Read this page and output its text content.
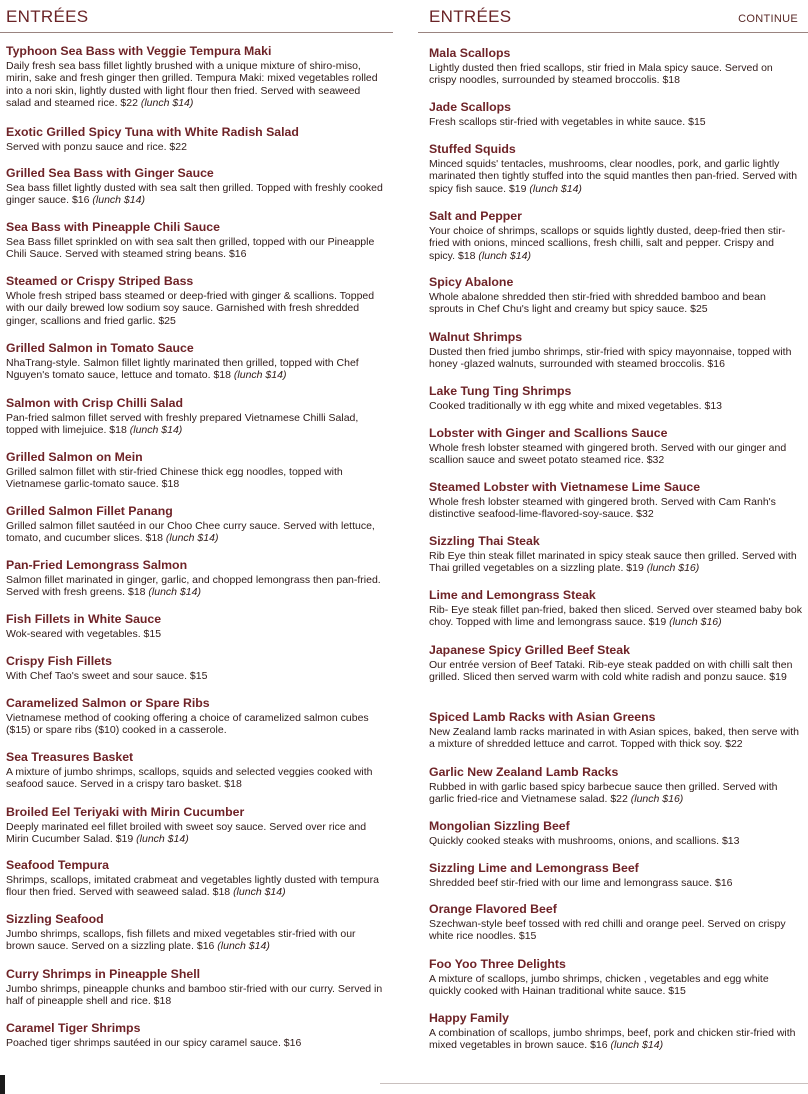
ENTRÉES
Typhoon Sea Bass with Veggie Tempura Maki
Daily fresh sea bass fillet lightly brushed with a unique mixture of shiro-miso, mirin, sake and fresh ginger then grilled. Tempura Maki: mixed vegetables rolled into a nori skin, lightly dusted with light flour then fried. Served with seaweed salad and steamed rice. $22 (lunch $14)
Exotic Grilled Spicy Tuna with White Radish Salad
Served with ponzu sauce and rice. $22
Grilled Sea Bass with Ginger Sauce
Sea bass fillet lightly dusted with sea salt then grilled. Topped with freshly cooked ginger sauce. $16 (lunch $14)
Sea Bass with Pineapple Chili Sauce
Sea Bass fillet sprinkled on with sea salt then grilled, topped with our Pineapple Chili Sauce. Served with steamed string beans. $16
Steamed or Crispy Striped Bass
Whole fresh striped bass steamed or deep-fried with ginger & scallions. Topped with our daily brewed low sodium soy sauce. Garnished with fresh shredded ginger, scallions and fried garlic. $25
Grilled Salmon in Tomato Sauce
NhaTrang-style. Salmon fillet lightly marinated then grilled, topped with Chef Nguyen's tomato sauce, lettuce and tomato. $18 (lunch $14)
Salmon with Crisp Chilli Salad
Pan-fried salmon fillet served with freshly prepared Vietnamese Chilli Salad, topped with limejuice. $18 (lunch $14)
Grilled Salmon on Mein
Grilled salmon fillet with stir-fried Chinese thick egg noodles, topped with Vietnamese garlic-tomato sauce. $18
Grilled Salmon Fillet Panang
Grilled salmon fillet sautéed in our Choo Chee curry sauce. Served with lettuce, tomato, and cucumber slices. $18 (lunch $14)
Pan-Fried Lemongrass Salmon
Salmon fillet marinated in ginger, garlic, and chopped lemongrass then pan-fried. Served with fresh greens. $18 (lunch $14)
Fish Fillets in White Sauce
Wok-seared with vegetables. $15
Crispy Fish Fillets
With Chef Tao's sweet and sour sauce. $15
Caramelized Salmon or Spare Ribs
Vietnamese method of cooking offering a choice of caramelized salmon cubes ($15) or spare ribs ($10) cooked in a casserole.
Sea Treasures Basket
A mixture of jumbo shrimps, scallops, squids and selected veggies cooked with seafood sauce. Served in a crispy taro basket. $18
Broiled Eel Teriyaki with Mirin Cucumber
Deeply marinated eel fillet broiled with sweet soy sauce. Served over rice and Mirin Cucumber Salad. $19 (lunch $14)
Seafood Tempura
Shrimps, scallops, imitated crabmeat and vegetables lightly dusted with tempura flour then fried. Served with seaweed salad. $18 (lunch $14)
Sizzling Seafood
Jumbo shrimps, scallops, fish fillets and mixed vegetables stir-fried with our brown sauce. Served on a sizzling plate. $16 (lunch $14)
Curry Shrimps in Pineapple Shell
Jumbo shrimps, pineapple chunks and bamboo stir-fried with our curry. Served in half of pineapple shell and rice. $18
Caramel Tiger Shrimps
Poached tiger shrimps sautéed in our spicy caramel sauce. $16
ENTRÉES	CONTINUE
Mala Scallops
Lightly dusted then fried scallops, stir fried in Mala spicy sauce. Served on crispy noodles, surrounded by steamed broccolis. $18
Jade Scallops
Fresh scallops stir-fried with vegetables in white sauce. $15
Stuffed Squids
Minced squids' tentacles, mushrooms, clear noodles, pork, and garlic lightly marinated then tightly stuffed into the squid mantles then pan-fried. Served with spicy fish sauce. $19 (lunch $14)
Salt and Pepper
Your choice of shrimps, scallops or squids lightly dusted, deep-fried then stir-fried with onions, minced scallions, fresh chilli, salt and pepper. Crispy and spicy. $18 (lunch $14)
Spicy Abalone
Whole abalone shredded then stir-fried with shredded bamboo and bean sprouts in Chef Chu's light and creamy but spicy sauce. $25
Walnut Shrimps
Dusted then fried jumbo shrimps, stir-fried with spicy mayonnaise, topped with honey -glazed walnuts, surrounded with steamed broccolis. $16
Lake Tung Ting Shrimps
Cooked traditionally w ith egg white and mixed vegetables. $13
Lobster with Ginger and Scallions Sauce
Whole fresh lobster steamed with gingered broth. Served with our ginger and scallion sauce and sweet potato steamed rice. $32
Steamed Lobster with Vietnamese Lime Sauce
Whole fresh lobster steamed with gingered broth. Served with Cam Ranh's distinctive seafood-lime-flavored-soy-sauce. $32
Sizzling Thai Steak
Rib Eye thin steak fillet marinated in spicy steak sauce then grilled. Served with Thai grilled vegetables on a sizzling plate. $19 (lunch $16)
Lime and Lemongrass Steak
Rib- Eye steak fillet pan-fried, baked then sliced. Served over steamed baby bok choy. Topped with lime and lemongrass sauce. $19 (lunch $16)
Japanese Spicy Grilled Beef Steak
Our entrée version of Beef Tataki. Rib-eye steak padded on with chilli salt then grilled. Sliced then served warm with cold white radish and ponzu sauce. $19
Spiced Lamb Racks with Asian Greens
New Zealand lamb racks marinated in with Asian spices, baked, then serve with a mixture of shredded lettuce and carrot. Topped with thick soy. $22
Garlic New Zealand Lamb Racks
Rubbed in with garlic based spicy barbecue sauce then grilled. Served with garlic fried-rice and Vietnamese salad. $22 (lunch $16)
Mongolian Sizzling Beef
Quickly cooked steaks with mushrooms, onions, and scallions. $13
Sizzling Lime and Lemongrass Beef
Shredded beef stir-fried with our lime and lemongrass sauce. $16
Orange Flavored Beef
Szechwan-style beef tossed with red chilli and orange peel. Served on crispy white rice noodles. $15
Foo Yoo Three Delights
A mixture of scallops, jumbo shrimps, chicken , vegetables and egg white quickly cooked with Hainan traditional white sauce. $15
Happy Family
A combination of scallops, jumbo shrimps, beef, pork and chicken stir-fried with mixed vegetables in brown sauce. $16 (lunch $14)
